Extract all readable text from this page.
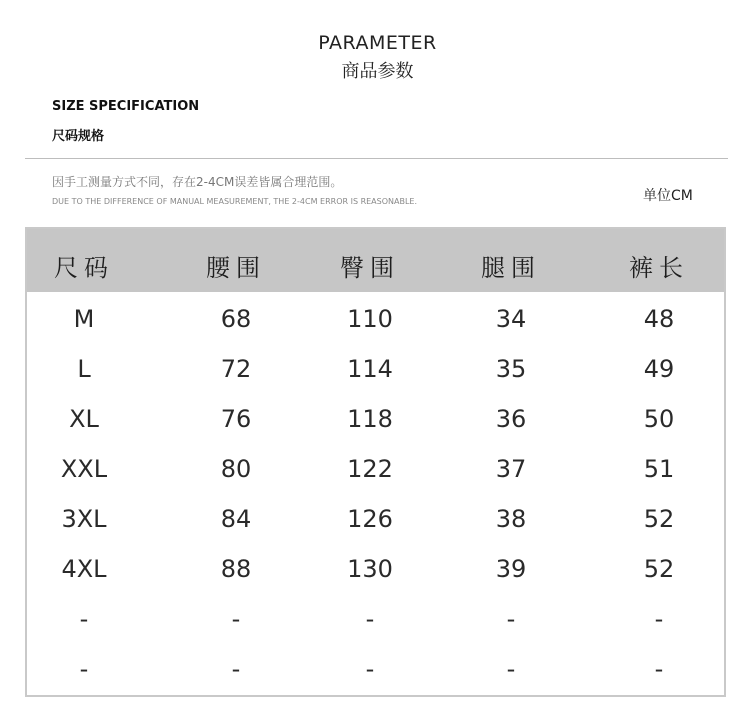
PARAMETER
商品参数
SIZE SPECIFICATION
尺码规格
因手工测量方式不同，存在2-4CM误差皆属合理范围。
DUE TO THE DIFFERENCE OF MANUAL MEASUREMENT, THE 2-4CM ERROR IS REASONABLE.	单位CM
尺码	腰围	臀围	腿围	裤长
M	68	110	34	48
L	72	114	35	49
XL	76	118	36	50
XXL	80	122	37	51
3XL	84	126	38	52
4XL	88	130	39	52
-	-	-	-	-
-	-	-	-	-
